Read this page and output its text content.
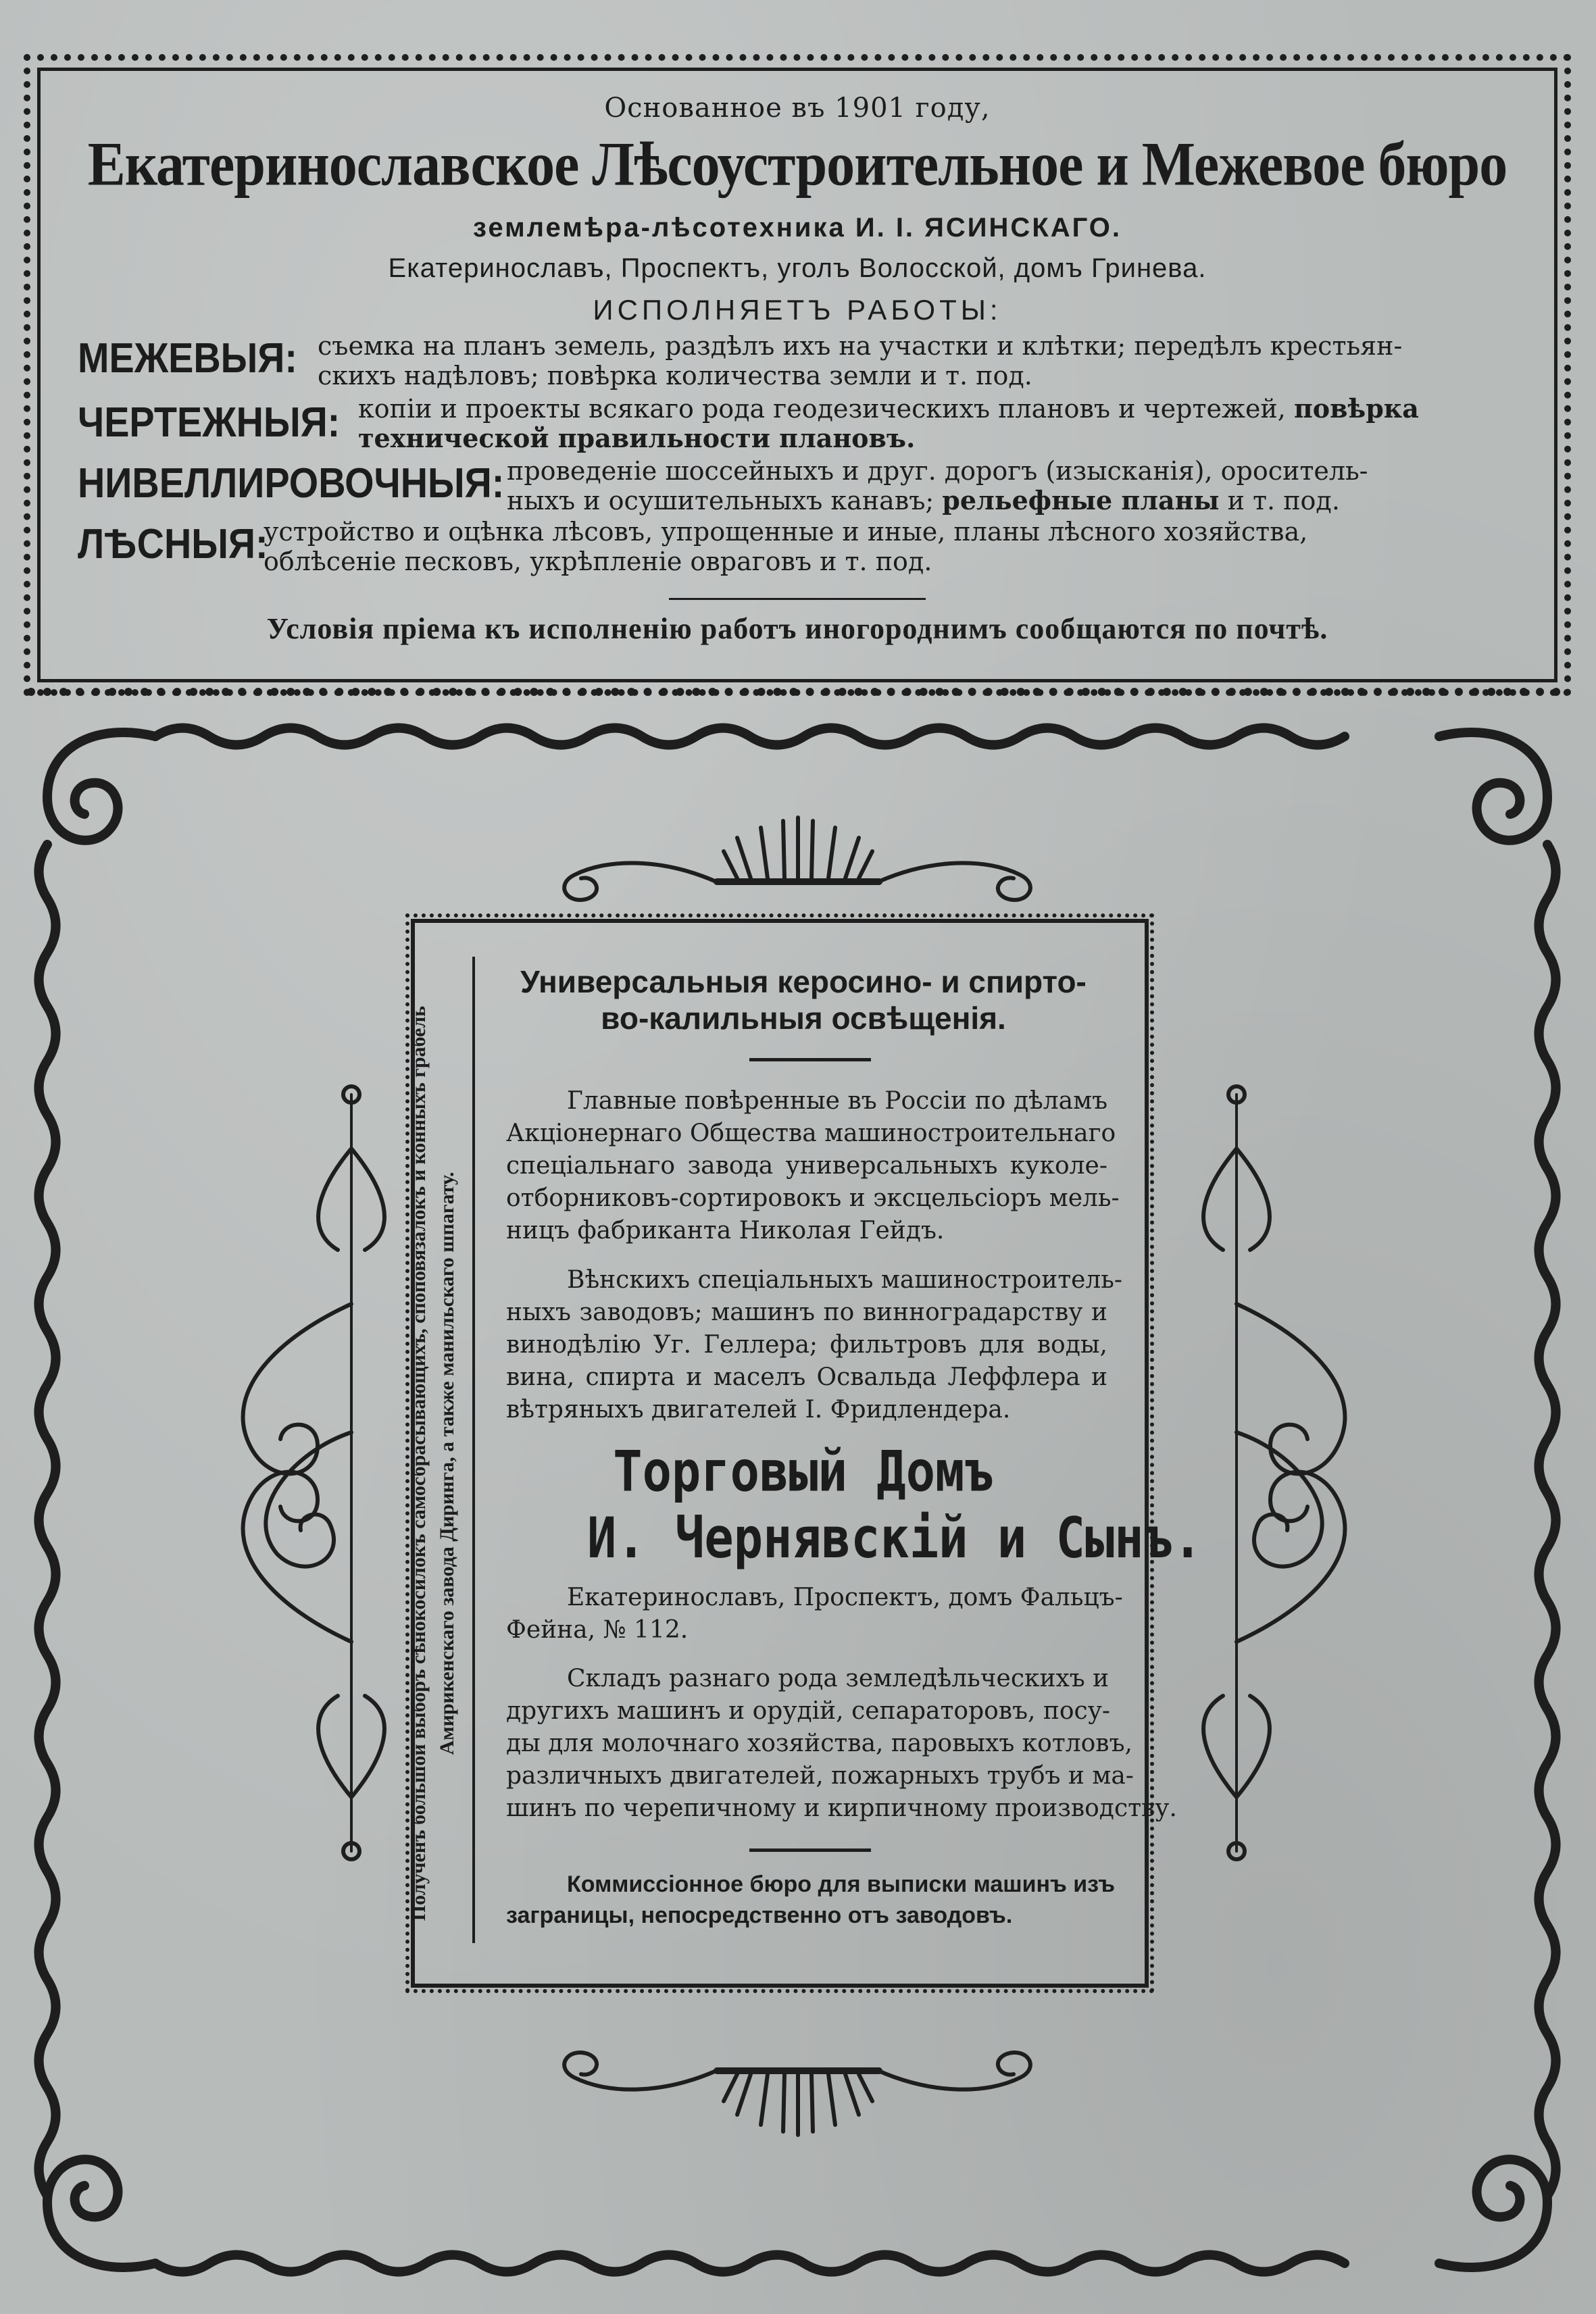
Основанное въ 1901 году,
Екатеринославское Лѣсоустроительное и Межевое бюро
землемѣра-лѣсотехника И. І. ЯСИНСКАГО.
Екатеринославъ, Проспектъ, уголъ Волосской, домъ Гринева.
ИСПОЛНЯЕТЪ РАБОТЫ:
МЕЖЕВЫЯ: съемка на планъ земель, раздѣлъ ихъ на участки и клѣтки; передѣлъ крестьян-
скихъ надѣловъ; повѣрка количества земли и т. под.
ЧЕРТЕЖНЫЯ: копіи и проекты всякаго рода геодезическихъ плановъ и чертежей, повѣрка
технической правильности плановъ.
НИВЕЛЛИРОВОЧНЫЯ: проведеніе шоссейныхъ и друг. дорогъ (изысканія), ороситель-
ныхъ и осушительныхъ канавъ; рельефные планы и т. под.
ЛѢСНЫЯ:
устройство и оцѣнка лѣсовъ, упрощенные и иные, планы лѣсного хозяйства,
облѣсеніе песковъ, укрѣпленіе овраговъ и т. под.
Условія пріема къ исполненію работъ иногороднимъ сообщаются по почтѣ.
Полученъ большой выборъ сѣнокосилокъ самосбрасывающихъ, споповязалокъ и конныхъ грабель Амирикенскаго завода Диринга, а также манильскаго шпагату.
Универсальныя керосино- и спирто-
во-калильныя освѣщенія.
Главные повѣренные въ Россіи по дѣламъ
Акціонернаго Общества машиностроительнаго
спеціальнаго завода универсальныхъ куколе-
отборниковъ-сортировокъ и эксцельсіоръ мель-
ницъ фабриканта Николая Гейдъ.
Вѣнскихъ спеціальныхъ машиностроитель-
ныхъ заводовъ; машинъ по винноградарству и
винодѣлію Уг. Геллера; фильтровъ для воды,
вина, спирта и маселъ Освальда Леффлера и
вѣтряныхъ двигателей І. Фридлендера.
Торговый Домъ
И. Чернявскій и Сынъ.
Екатеринославъ, Проспектъ, домъ Фальцъ-
Фейна, № 112.
Складъ разнаго рода земледѣльческихъ и
другихъ машинъ и орудій, сепараторовъ, посу-
ды для молочнаго хозяйства, паровыхъ котловъ,
различныхъ двигателей, пожарныхъ трубъ и ма-
шинъ по черепичному и кирпичному производству.
Коммиссіонное бюро для выписки машинъ изъ
заграницы, непосредственно отъ заводовъ.
